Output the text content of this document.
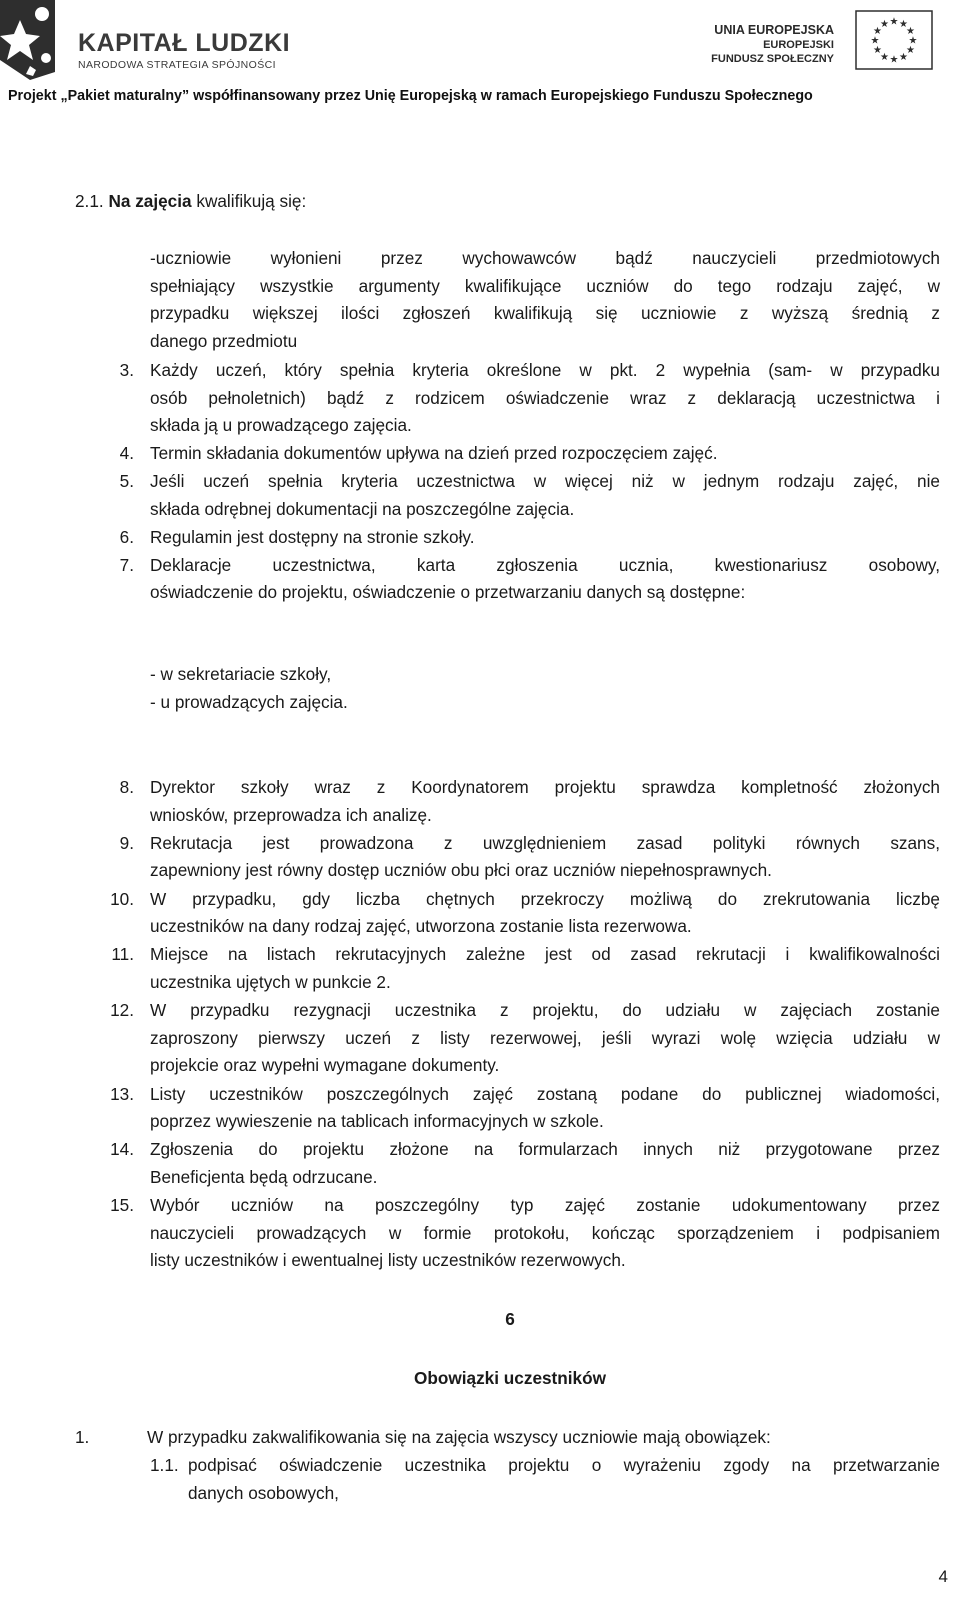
KAPITAŁ LUDZKI
NARODOWA STRATEGIA SPÓJNOŚCI
UNIA EUROPEJSKA
EUROPEJSKI
FUNDUSZ SPOŁECZNY
★ ★
★
★
★
★
★
★
★
★
★
★
Projekt „Pakiet maturalny” współfinansowany przez Unię Europejską w ramach Europejskiego Funduszu Społecznego
2.1. Na zajęcia kwalifikują się:
-uczniowie wyłonieni przez wychowawców bądź nauczycieli przedmiotowych
spełniający wszystkie argumenty kwalifikujące uczniów do tego rodzaju zajęć, w
przypadku większej ilości zgłoszeń kwalifikują się uczniowie z wyższą średnią z
danego przedmiotu
3. Każdy uczeń, który spełnia kryteria określone w pkt. 2 wypełnia (sam- w przypadku
osób pełnoletnich) bądź z rodzicem oświadczenie wraz z deklaracją uczestnictwa i
składa ją u prowadzącego zajęcia.
4. Termin składania dokumentów upływa na dzień przed rozpoczęciem zajęć.
5. Jeśli uczeń spełnia kryteria uczestnictwa w więcej niż w jednym rodzaju zajęć, nie
składa odrębnej dokumentacji na poszczególne zajęcia.
6. Regulamin jest dostępny na stronie szkoły.
7. Deklaracje uczestnictwa, karta zgłoszenia ucznia, kwestionariusz osobowy,
oświadczenie do projektu, oświadczenie o przetwarzaniu danych są dostępne:
- w sekretariacie szkoły,
- u prowadzących zajęcia.
8. Dyrektor szkoły wraz z Koordynatorem projektu sprawdza kompletność złożonych
wniosków, przeprowadza ich analizę.
9. Rekrutacja jest prowadzona z uwzględnieniem zasad polityki równych szans,
zapewniony jest równy dostęp uczniów obu płci oraz uczniów niepełnosprawnych.
10. W przypadku, gdy liczba chętnych przekroczy możliwą do zrekrutowania liczbę
uczestników na dany rodzaj zajęć, utworzona zostanie lista rezerwowa.
11. Miejsce na listach rekrutacyjnych zależne jest od zasad rekrutacji i kwalifikowalności
uczestnika ujętych w punkcie 2.
12. W przypadku rezygnacji uczestnika z projektu, do udziału w zajęciach zostanie
zaproszony pierwszy uczeń z listy rezerwowej, jeśli wyrazi wolę wzięcia udziału w
projekcie oraz wypełni wymagane dokumenty.
13. Listy uczestników poszczególnych zajęć zostaną podane do publicznej wiadomości,
poprzez wywieszenie na tablicach informacyjnych w szkole.
14. Zgłoszenia do projektu złożone na formularzach innych niż przygotowane przez
Beneficjenta będą odrzucane.
15. Wybór uczniów na poszczególny typ zajęć zostanie udokumentowany przez
nauczycieli prowadzących w formie protokołu, kończąc sporządzeniem i podpisaniem
listy uczestników i ewentualnej listy uczestników rezerwowych.
6
Obowiązki uczestników
1.	W przypadku zakwalifikowania się na zajęcia wszyscy uczniowie mają obowiązek:
1.1. podpisać oświadczenie uczestnika projektu o wyrażeniu zgody na przetwarzanie
danych osobowych,
4
